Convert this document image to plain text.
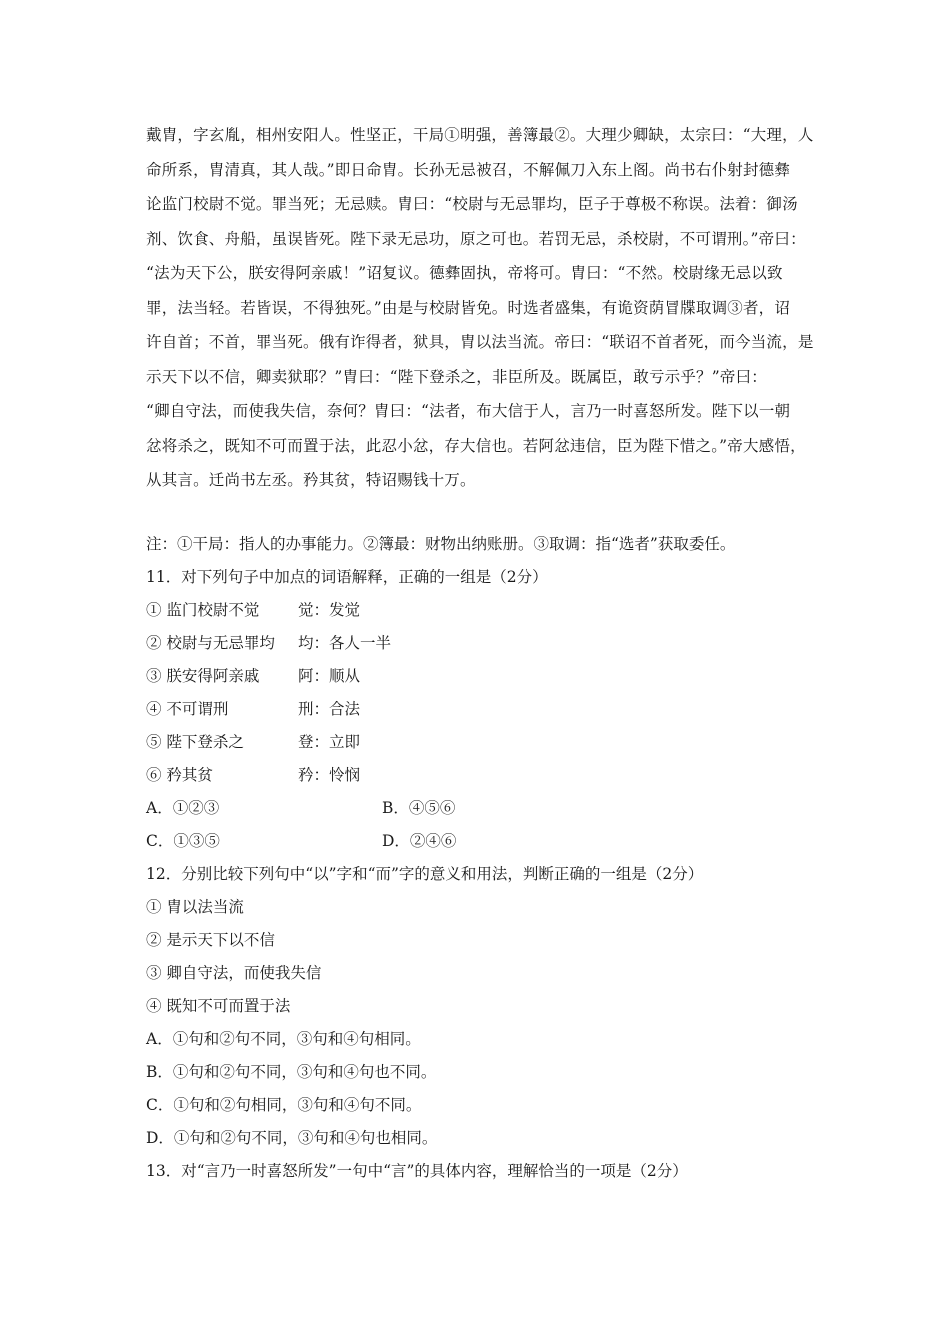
戴胄，字玄胤，相州安阳人。性坚正，干局①明强，善簿最②。大理少卿缺，太宗曰：“大理，人
命所系，胄清真，其人哉。”即日命胄。长孙无忌被召，不解佩刀入东上阁。尚书右仆射封德彝
论监门校尉不觉。罪当死；无忌赎。胄曰：“校尉与无忌罪均，臣子于尊极不称误。法着：御汤
剂、饮食、舟船，虽误皆死。陛下录无忌功，原之可也。若罚无忌，杀校尉，不可谓刑。”帝曰：
“法为天下公，朕安得阿亲戚！”诏复议。德彝固执，帝将可。胄曰：“不然。校尉缘无忌以致
罪，法当轻。若皆误，不得独死。”由是与校尉皆免。时选者盛集，有诡资荫冒牒取调③者，诏
许自首；不首，罪当死。俄有诈得者，狱具，胄以法当流。帝曰：“联诏不首者死，而今当流，是
示天下以不信，卿卖狱耶？”胄曰：“陛下登杀之，非臣所及。既属臣，敢亏示乎？”帝曰：
“卿自守法，而使我失信，奈何？胄曰：“法者，布大信于人，言乃一时喜怒所发。陛下以一朝
忿将杀之，既知不可而置于法，此忍小忿，存大信也。若阿忿违信，臣为陛下惜之。”帝大感悟，
从其言。迁尚书左丞。矜其贫，特诏赐钱十万。
注：①干局：指人的办事能力。②簿最：财物出纳账册。③取调：指“选者”获取委任。
11．对下列句子中加点的词语解释，正确的一组是（2分）
① 监门校尉不觉 觉：发觉
② 校尉与无忌罪均 均：各人一半
③ 朕安得阿亲戚 阿：顺从
④ 不可谓刑	刑：合法
⑤ 陛下登杀之	登：立即
⑥ 矜其贫	矜：怜悯
A．①②③	B．④⑤⑥
C．①③⑤	D．②④⑥
12．分别比较下列句中“以”字和“而”字的意义和用法，判断正确的一组是（2分）
① 胄以法当流
② 是示天下以不信
③ 卿自守法，而使我失信
④ 既知不可而置于法
A．①句和②句不同，③句和④句相同。
B．①句和②句不同，③句和④句也不同。
C．①句和②句相同，③句和④句不同。
D．①句和②句不同，③句和④句也相同。
13．对“言乃一时喜怒所发”一句中“言”的具体内容，理解恰当的一项是（2分）
